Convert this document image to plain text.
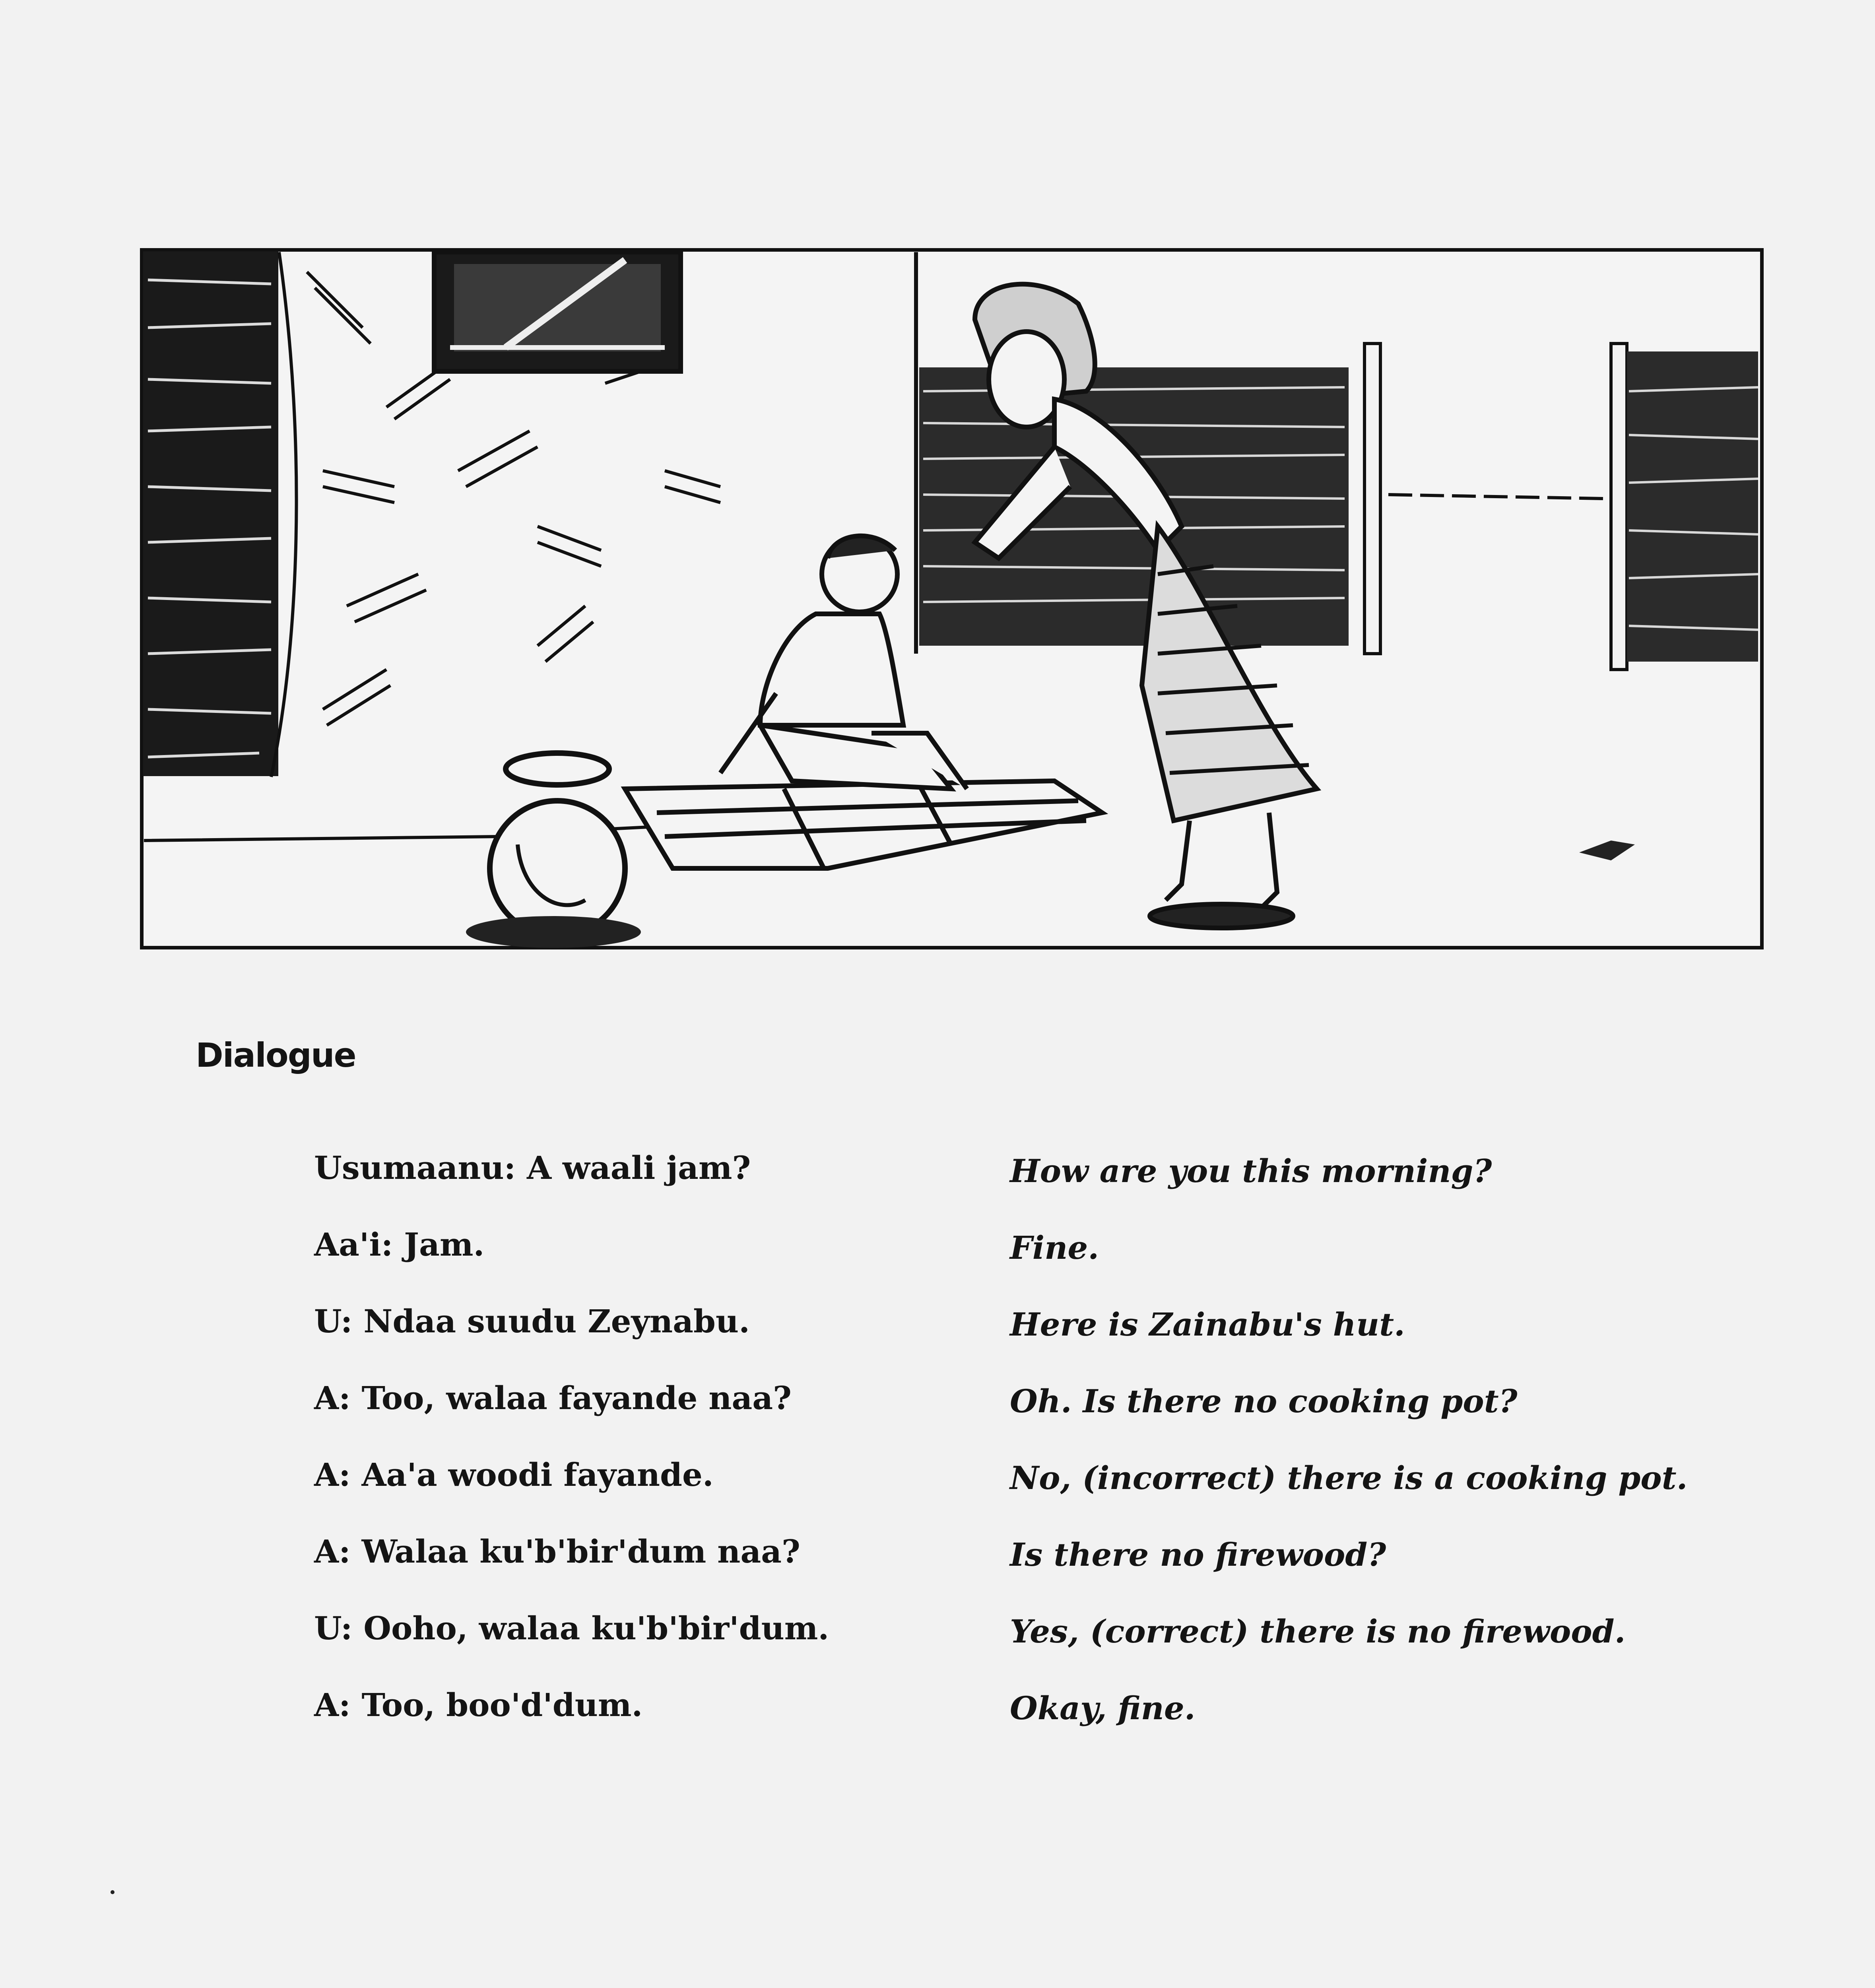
Dialogue
Usumaanu: A waali jam?	How are you this morning?
Aa'i: Jam.	Fine.
U: Ndaa suudu Zeynabu.	Here is Zainabu's hut.
A: Too, walaa fayande naa?	Oh. Is there no cooking pot?
A: Aa'a woodi fayande.	No, (incorrect) there is a cooking pot.
A: Walaa ku'b'bir'dum naa?	Is there no firewood?
U: Ooho, walaa ku'b'bir'dum.	Yes, (correct) there is no firewood.
A: Too, boo'd'dum.	Okay, fine.
